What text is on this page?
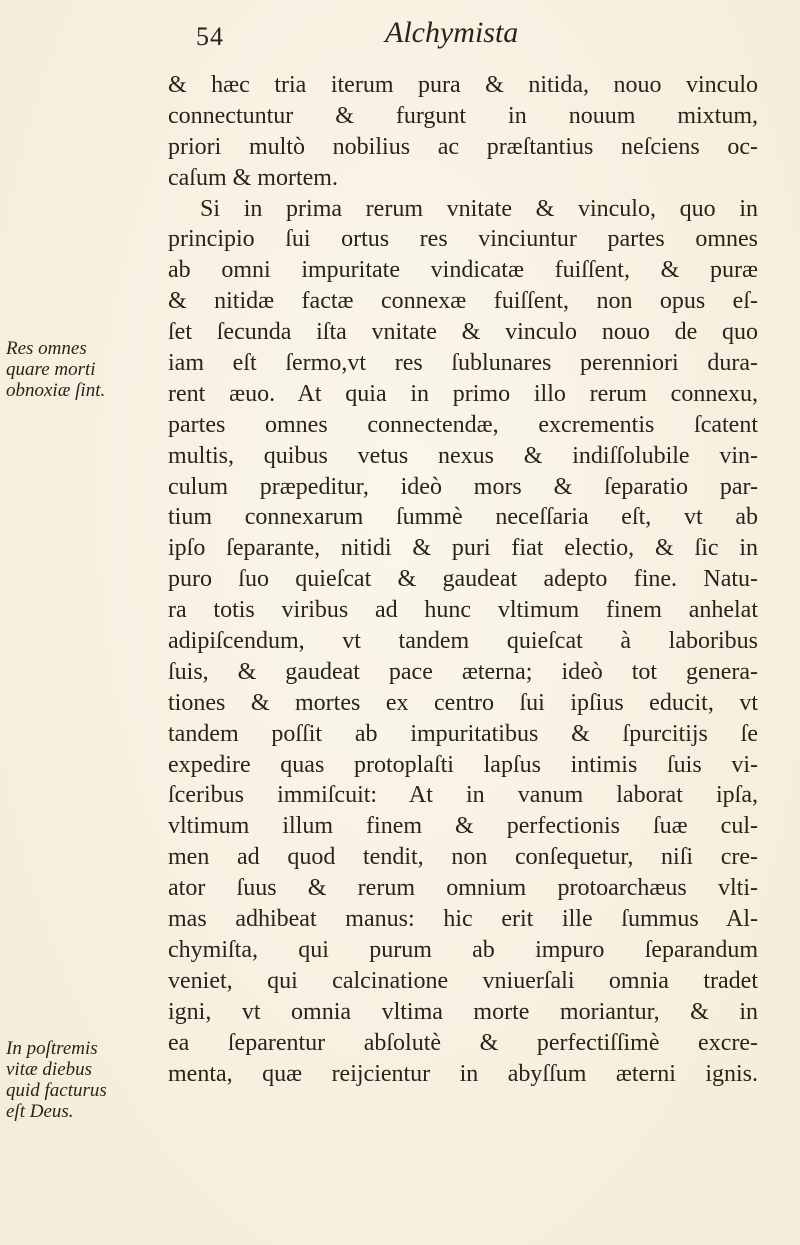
54	Alchymista
& hæc tria iterum pura & nitida, nouo vinculo
connectuntur & furgunt in nouum mixtum,
priori multò nobilius ac præſtantius neſciens oc-
caſum & mortem.
Si in prima rerum vnitate & vinculo, quo in
principio ſui ortus res vinciuntur partes omnes
ab omni impuritate vindicatæ fuiſſent, & puræ
& nitidæ factæ connexæ fuiſſent, non opus eſ-
ſet ſecunda iſta vnitate & vinculo nouo de quo
iam eſt ſermo,vt res ſublunares perenniori dura-
rent æuo. At quia in primo illo rerum connexu,
partes omnes connectendæ, excrementis ſcatent
multis, quibus vetus nexus & indiſſolubile vin-
culum præpeditur, ideò mors & ſeparatio par-
tium connexarum ſummè neceſſaria eſt, vt ab
ipſo ſeparante, nitidi & puri fiat electio, & ſic in
puro ſuo quieſcat & gaudeat adepto fine. Natu-
ra totis viribus ad hunc vltimum finem anhelat
adipiſcendum, vt tandem quieſcat à laboribus
ſuis, & gaudeat pace æterna; ideò tot genera-
tiones & mortes ex centro ſui ipſius educit, vt
tandem poſſit ab impuritatibus & ſpurcitijs ſe
expedire quas protoplaſti lapſus intimis ſuis vi-
ſceribus immiſcuit: At in vanum laborat ipſa,
vltimum illum finem & perfectionis ſuæ cul-
men ad quod tendit, non conſequetur, niſi cre-
ator ſuus & rerum omnium protoarchæus vlti-
mas adhibeat manus: hic erit ille ſummus Al-
chymiſta, qui purum ab impuro ſeparandum
veniet, qui calcinatione vniuerſali omnia tradet
igni, vt omnia vltima morte moriantur, & in
ea ſeparentur abſolutè & perfectiſſimè excre-
menta, quæ reijcientur in abyſſum æterni ignis.
Res omnes
quare morti
obnoxiæ ſint.
In poſtremis
vitæ diebus
quid facturus
eſt Deus.
